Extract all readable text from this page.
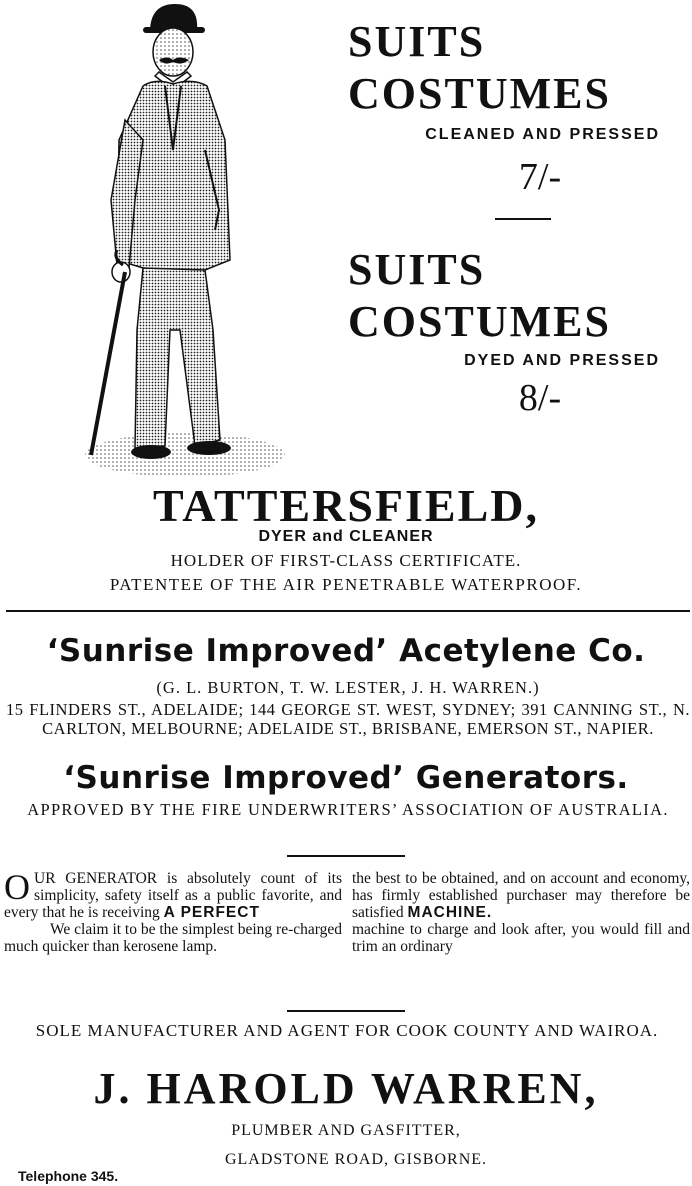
SUITS
COSTUMES
CLEANED AND PRESSED
7/-
SUITS
COSTUMES
DYED AND PRESSED
8/-
TATTERSFIELD,
DYER and CLEANER
HOLDER OF FIRST-CLASS CERTIFICATE.
PATENTEE OF THE AIR PENETRABLE WATERPROOF.
‘Sunrise Improved’ Acetylene Co.
(G. L. BURTON, T. W. LESTER, J. H. WARREN.)
15 FLINDERS ST., ADELAIDE; 144 GEORGE ST. WEST, SYDNEY; 391 CANNING ST., N. CARLTON, MELBOURNE; ADELAIDE ST., BRISBANE, EMERSON ST., NAPIER.
‘Sunrise Improved’ Generators.
APPROVED BY THE FIRE UNDERWRITERS’ ASSOCIATION OF AUSTRALIA.

OUR GENERATOR is absolutely count of its simplicity, safety itself as a public favorite, and every that he is receiving A PERFECT

We claim it to be the simplest being re-charged much quicker than kerosene lamp.

the best to be obtained, and on account and economy, has firmly established purchaser may therefore be satisfied MACHINE.

machine to charge and look after, you would fill and trim an ordinary

SOLE MANUFACTURER AND AGENT FOR COOK COUNTY AND WAIROA.
J. HAROLD WARREN,
PLUMBER AND GASFITTER,
GLADSTONE ROAD, GISBORNE.
Telephone 345.
